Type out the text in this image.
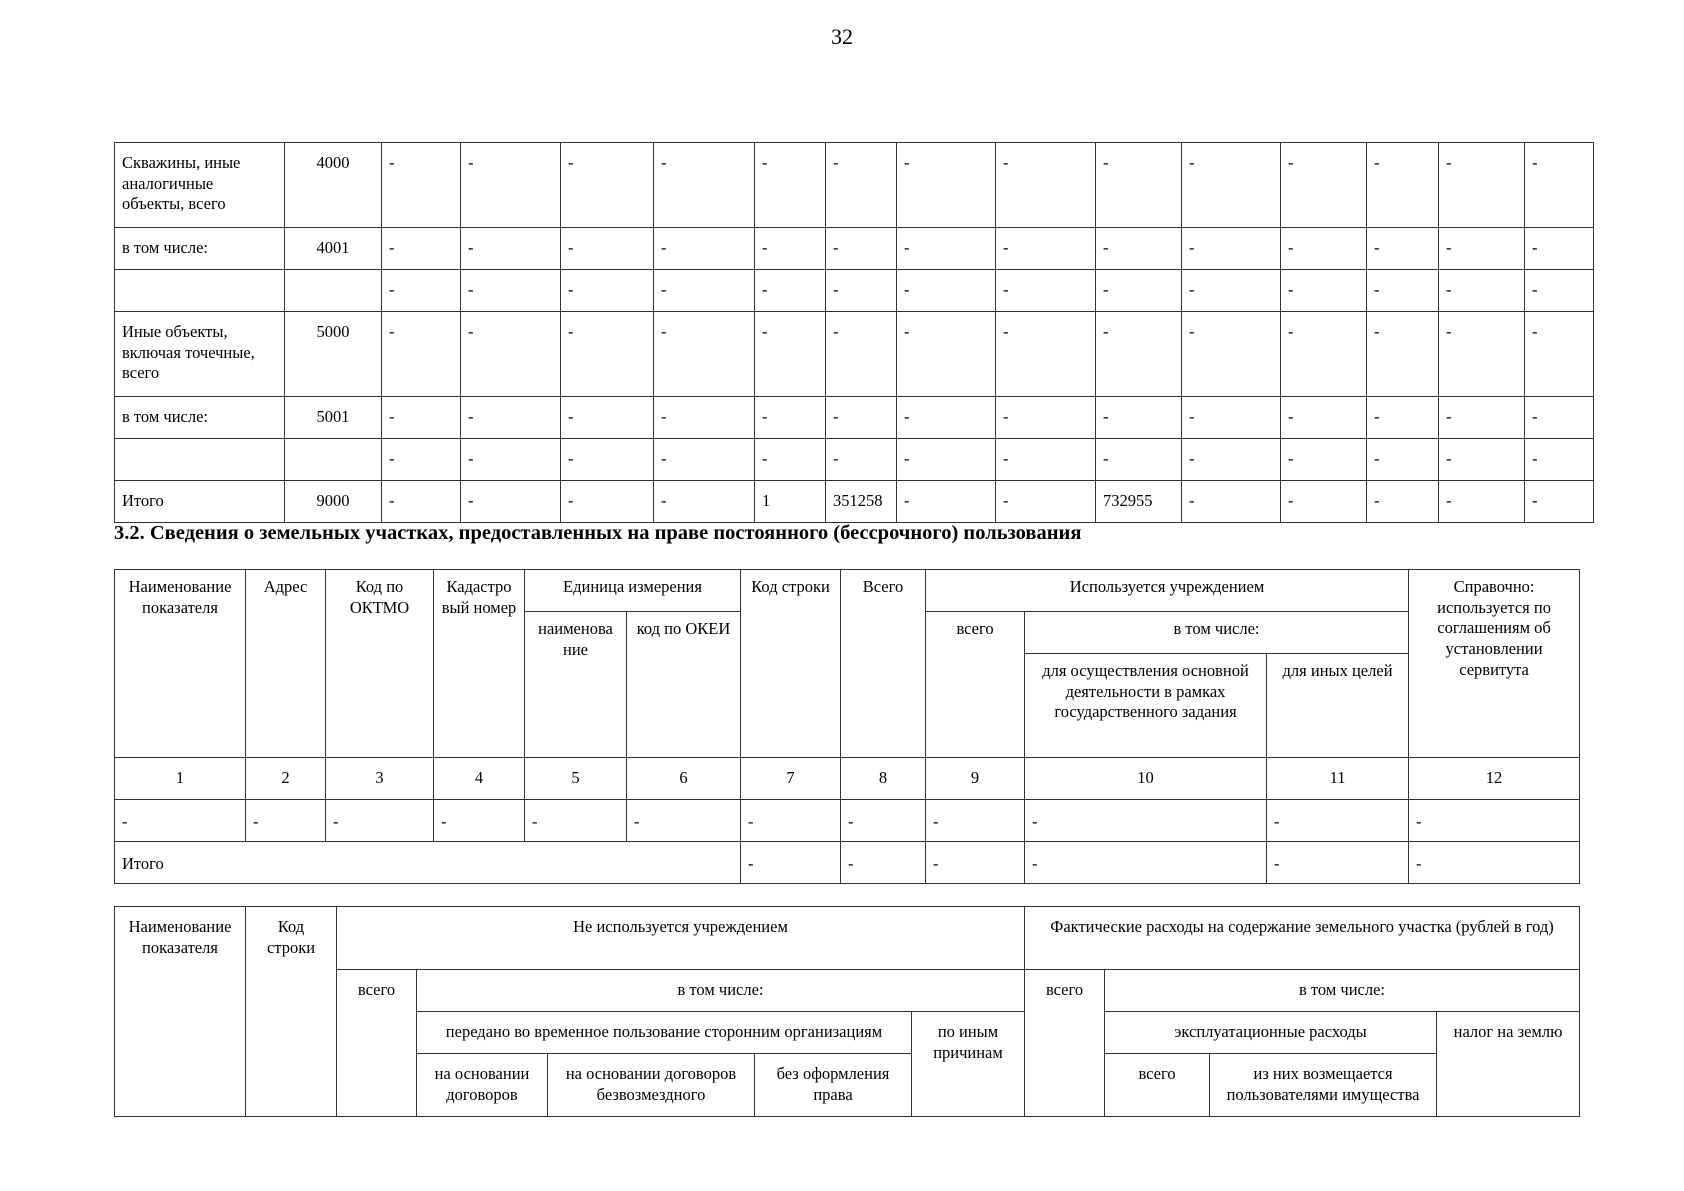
32
Скважины, иные аналогичные объекты, всего	4000	-	-	-	-	-	-	-	-	-	-	-	-	-	-
в том числе:	4001	-	-	-	-	-	-	-	-	-	-	-	-	-	-
		-	-	-	-	-	-	-	-	-	-	-	-	-	-
Иные объекты, включая точечные, всего	5000	-	-	-	-	-	-	-	-	-	-	-	-	-	-
в том числе:	5001	-	-	-	-	-	-	-	-	-	-	-	-	-	-
		-	-	-	-	-	-	-	-	-	-	-	-	-	-
Итого	9000	-	-	-	-	1	351258	-	-	732955	-	-	-	-	-
3.2. Сведения о земельных участках, предоставленных на праве постоянного (бессрочного) пользования
Наименование показателя	Адрес	Код по ОКТМО	Кадастро вый номер	Единица измерения		Код строки	Всего	Используется учреждением			Справочно: используется по соглашениям об установлении сервитута
				наименова ние	код по ОКЕИ			всего	в том числе:		
									для осуществления основной деятельности в рамках государственного задания	для иных целей	
1	2	3	4	5	6	7	8	9	10	11	12
-	-	-	-	-	-	-	-	-	-	-	-
Итого						-	-	-	-	-	-
Наименование показателя	Код строки	Не используется учреждением					Фактические расходы на содержание земельного участка (рублей в год)			
		всего	в том числе:				всего	в том числе:		
			передано во временное пользование сторонним организациям			по иным причинам		эксплуатационные расходы		налог на землю
			на основании договоров	на основании договоров безвозмездного	без оформления права			всего	из них возмещается пользователями имущества	
